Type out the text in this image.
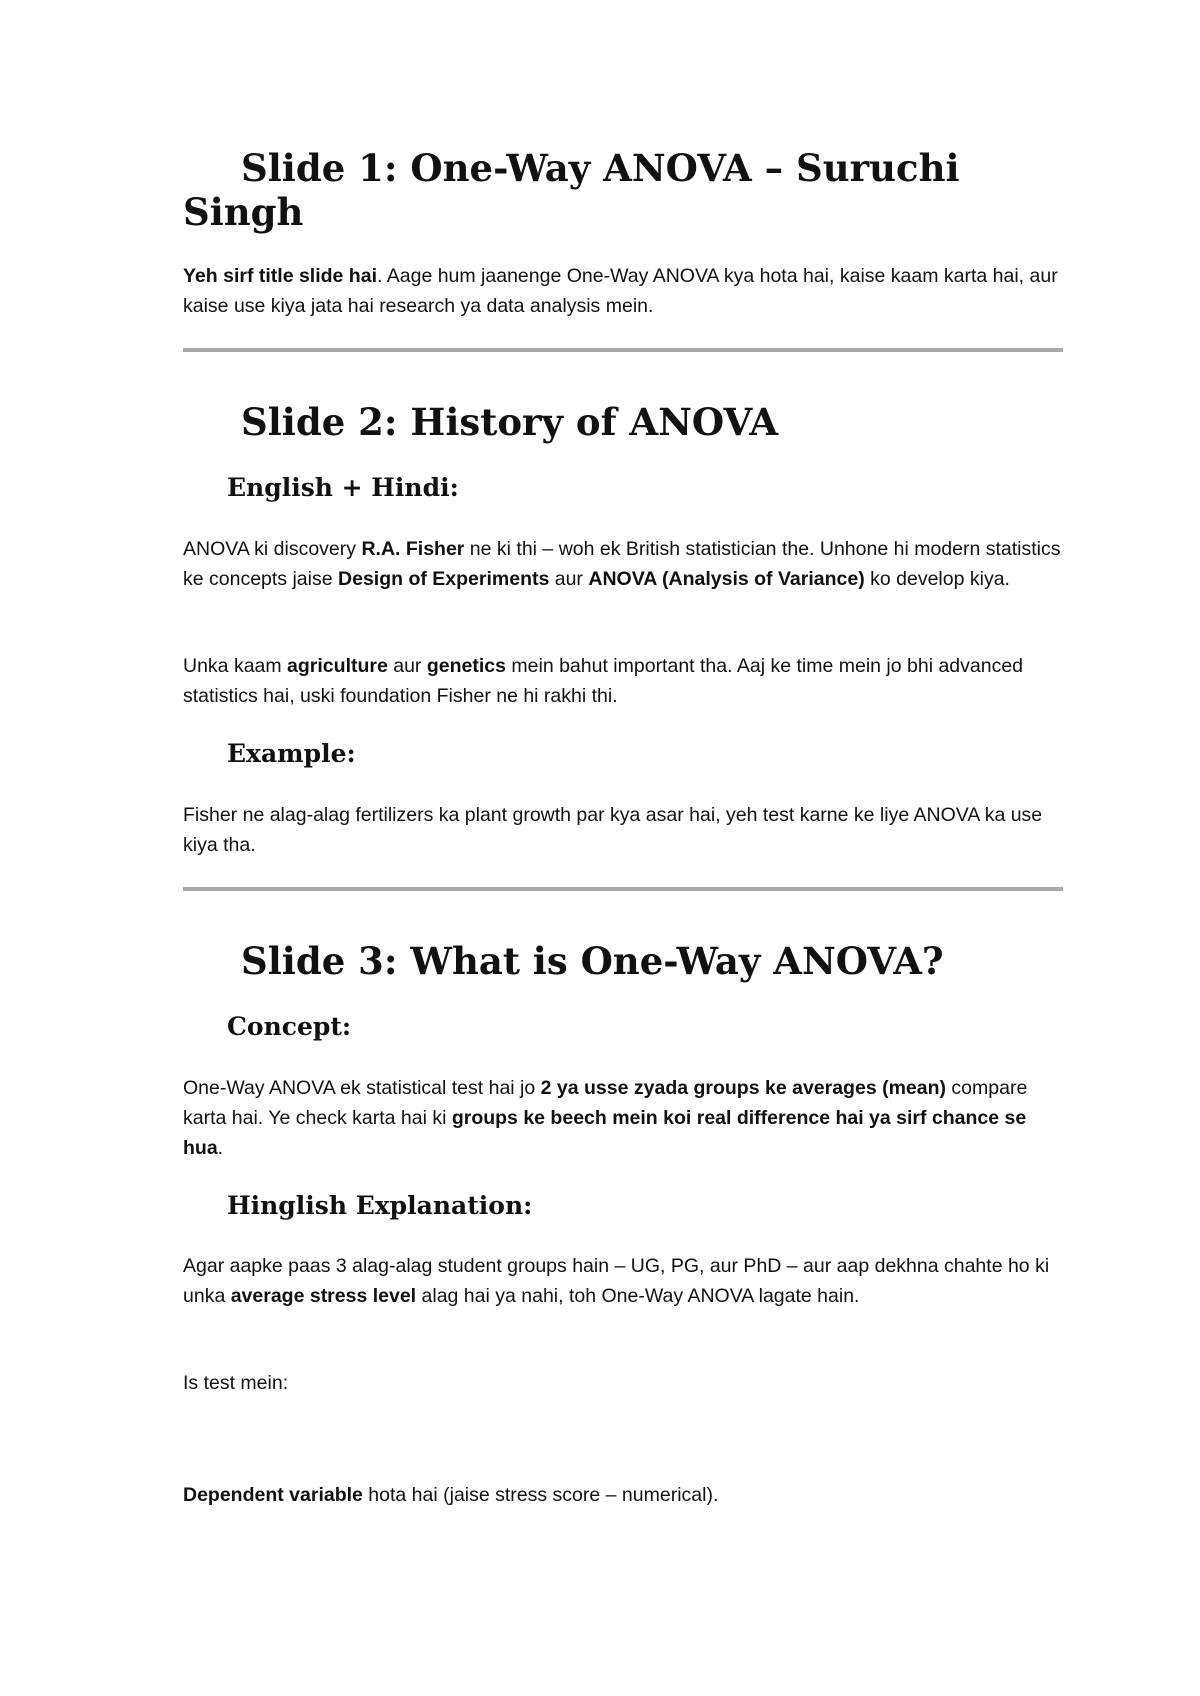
Slide 1: One-Way ANOVA – Suruchi Singh

Yeh sirf title slide hai. Aage hum jaanenge One-Way ANOVA kya hota hai, kaise kaam karta hai, aur kaise use kiya jata hai research ya data analysis mein.

Slide 2: History of ANOVA
English + Hindi:

ANOVA ki discovery R.A. Fisher ne ki thi – woh ek British statistician the. Unhone hi modern statistics ke concepts jaise Design of Experiments aur ANOVA (Analysis of Variance) ko develop kiya.

Unka kaam agriculture aur genetics mein bahut important tha. Aaj ke time mein jo bhi advanced statistics hai, uski foundation Fisher ne hi rakhi thi.

Example:

Fisher ne alag-alag fertilizers ka plant growth par kya asar hai, yeh test karne ke liye ANOVA ka use kiya tha.

Slide 3: What is One-Way ANOVA?
Concept:

One-Way ANOVA ek statistical test hai jo 2 ya usse zyada groups ke averages (mean) compare karta hai. Ye check karta hai ki groups ke beech mein koi real difference hai ya sirf chance se hua.

Hinglish Explanation:

Agar aapke paas 3 alag-alag student groups hain – UG, PG, aur PhD – aur aap dekhna chahte ho ki unka average stress level alag hai ya nahi, toh One-Way ANOVA lagate hain.

Is test mein:

Dependent variable hota hai (jaise stress score – numerical).
